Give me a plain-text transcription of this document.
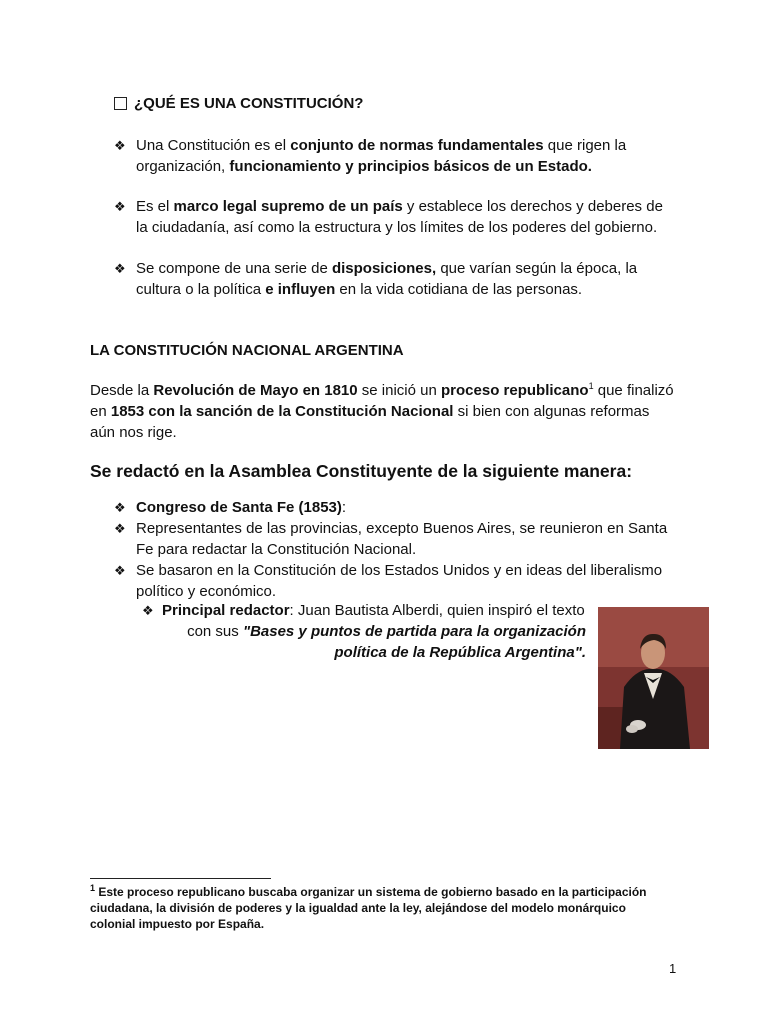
¿QUÉ ES UNA CONSTITUCIÓN?
❖ Una Constitución es el conjunto de normas fundamentales que rigen la
organización, funcionamiento y principios básicos de un Estado.
❖ Es el marco legal supremo de un país y establece los derechos y deberes de
la ciudadanía, así como la estructura y los límites de los poderes del gobierno.
❖ Se compone de una serie de disposiciones, que varían según la época, la
cultura o la política e influyen en la vida cotidiana de las personas.
LA CONSTITUCIÓN NACIONAL ARGENTINA
Desde la Revolución de Mayo en 1810 se inició un proceso republicano$^1$ que finalizó
en 1853 con la sanción de la Constitución Nacional si bien con algunas reformas
aún nos rige.
Se redactó en la Asamblea Constituyente de la siguiente manera:
❖ Congreso de Santa Fe (1853):
❖ Representantes de las provincias, excepto Buenos Aires, se reunieron en Santa
Fe para redactar la Constitución Nacional.
❖ Se basaron en la Constitución de los Estados Unidos y en ideas del liberalismo
político y económico.
❖ Principal redactor: Juan Bautista Alberdi, quien inspiró el texto
con sus "Bases y puntos de partida para la organización
política de la República Argentina".
$^1$ Este proceso republicano buscaba organizar un sistema de gobierno basado en la participación
ciudadana, la división de poderes y la igualdad ante la ley, alejándose del modelo monárquico
colonial impuesto por España.
1
